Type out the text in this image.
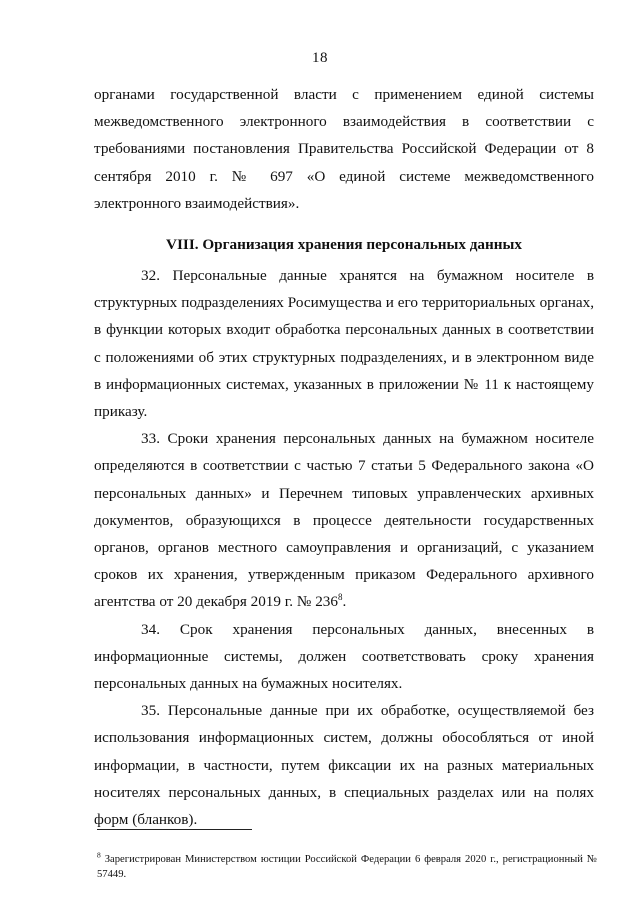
18
органами государственной власти с применением единой системы межведомственного электронного взаимодействия в соответствии с требованиями постановления Правительства Российской Федерации от 8 сентября 2010 г. № 697 «О единой системе межведомственного электронного взаимодействия».
VIII. Организация хранения персональных данных

32. Персональные данные хранятся на бумажном носителе в структурных подразделениях Росимущества и его территориальных органах, в функции которых входит обработка персональных данных в соответствии с положениями об этих структурных подразделениях, и в электронном виде в информационных системах, указанных в приложении № 11 к настоящему приказу.

33. Сроки хранения персональных данных на бумажном носителе определяются в соответствии с частью 7 статьи 5 Федерального закона «О персональных данных» и Перечнем типовых управленческих архивных документов, образующихся в процессе деятельности государственных органов, органов местного самоуправления и организаций, с указанием сроков их хранения, утвержденным приказом Федерального архивного агентства от 20 декабря 2019 г. № $236^8$.

34. Срок хранения персональных данных, внесенных в информационные системы, должен соответствовать сроку хранения персональных данных на бумажных носителях.

35. Персональные данные при их обработке, осуществляемой без использования информационных систем, должны обособляться от иной информации, в частности, путем фиксации их на разных материальных носителях персональных данных, в специальных разделах или на полях форм (бланков).

$^8$ Зарегистрирован Министерством юстиции Российской Федерации 6 февраля 2020 г., регистрационный № 57449.
